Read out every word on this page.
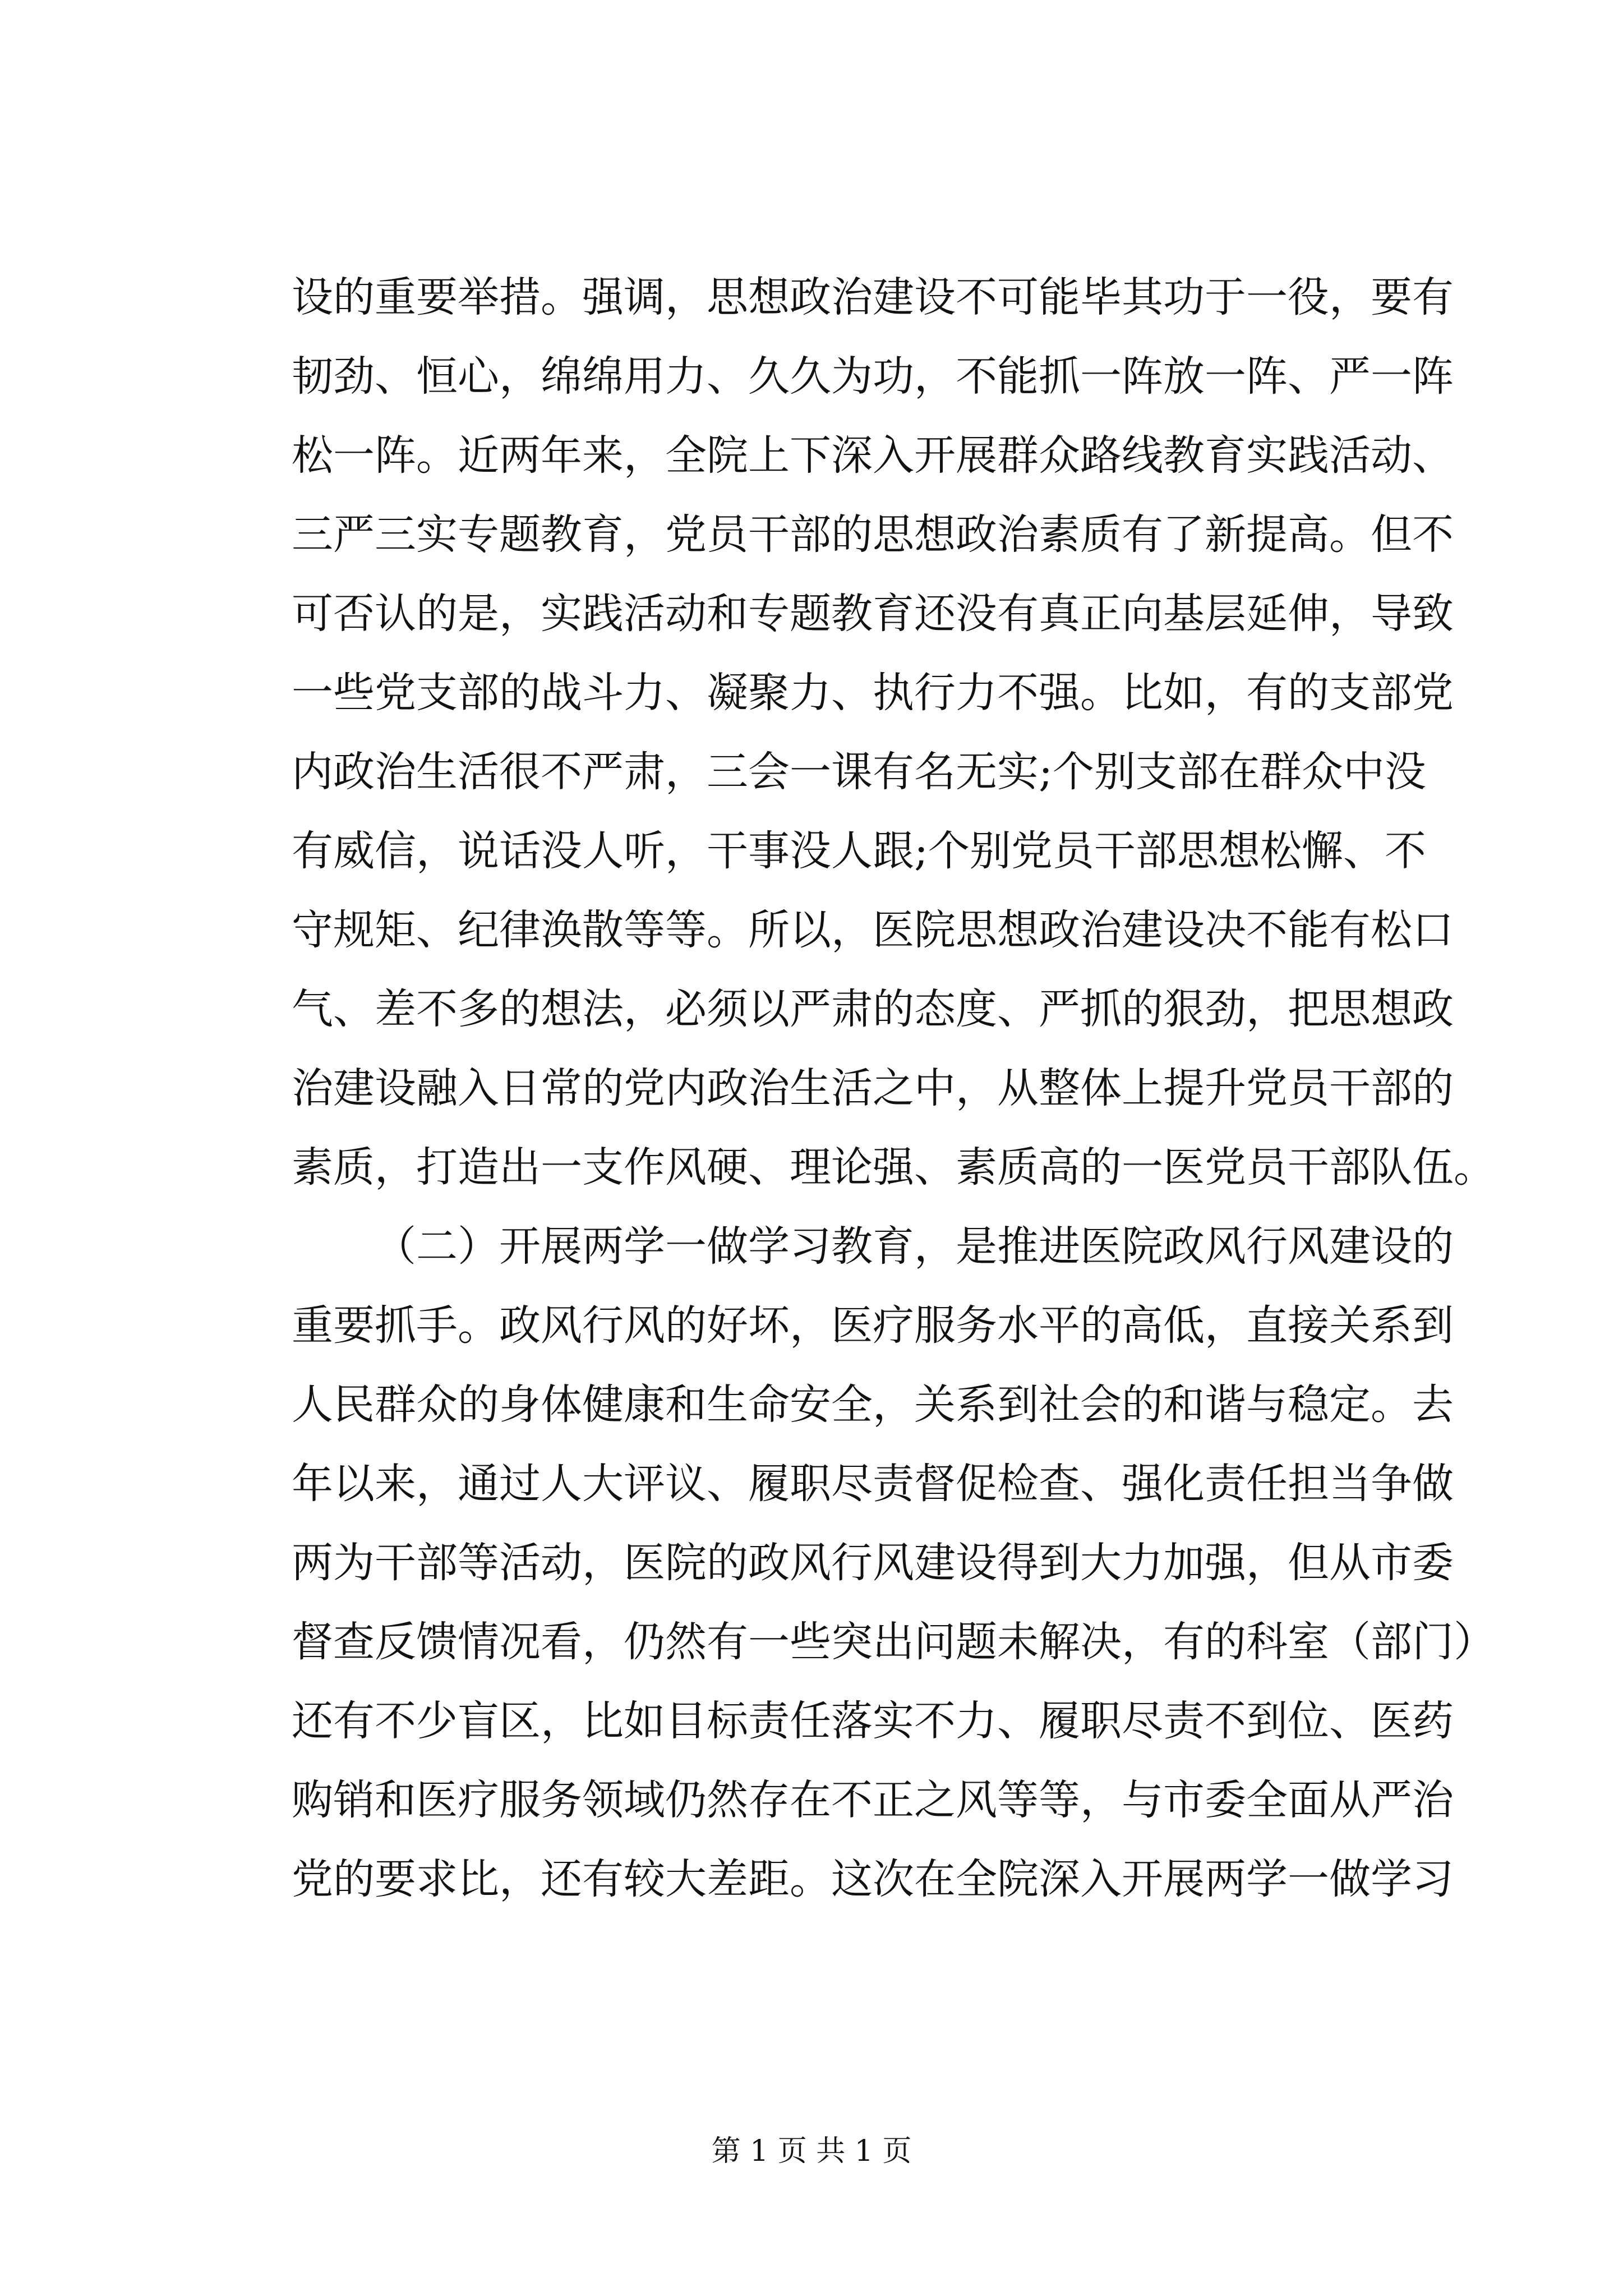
设的重要举措。强调，思想政治建设不可能毕其功于一役，要有
韧劲、恒心，绵绵用力、久久为功，不能抓一阵放一阵、严一阵
松一阵。近两年来，全院上下深入开展群众路线教育实践活动、
三严三实专题教育，党员干部的思想政治素质有了新提高。但不
可否认的是，实践活动和专题教育还没有真正向基层延伸，导致
一些党支部的战斗力、凝聚力、执行力不强。比如，有的支部党
内政治生活很不严肃，三会一课有名无实;个别支部在群众中没
有威信，说话没人听，干事没人跟;个别党员干部思想松懈、不
守规矩、纪律涣散等等。所以，医院思想政治建设决不能有松口
气、差不多的想法，必须以严肃的态度、严抓的狠劲，把思想政
治建设融入日常的党内政治生活之中，从整体上提升党员干部的
素质，打造出一支作风硬、理论强、素质高的一医党员干部队伍。
（二）开展两学一做学习教育，是推进医院政风行风建设的
重要抓手。政风行风的好坏，医疗服务水平的高低，直接关系到
人民群众的身体健康和生命安全，关系到社会的和谐与稳定。去
年以来，通过人大评议、履职尽责督促检查、强化责任担当争做
两为干部等活动，医院的政风行风建设得到大力加强，但从市委
督查反馈情况看，仍然有一些突出问题未解决，有的科室（部门）
还有不少盲区，比如目标责任落实不力、履职尽责不到位、医药
购销和医疗服务领域仍然存在不正之风等等，与市委全面从严治
党的要求比，还有较大差距。这次在全院深入开展两学一做学习
第 1 页 共 1 页
